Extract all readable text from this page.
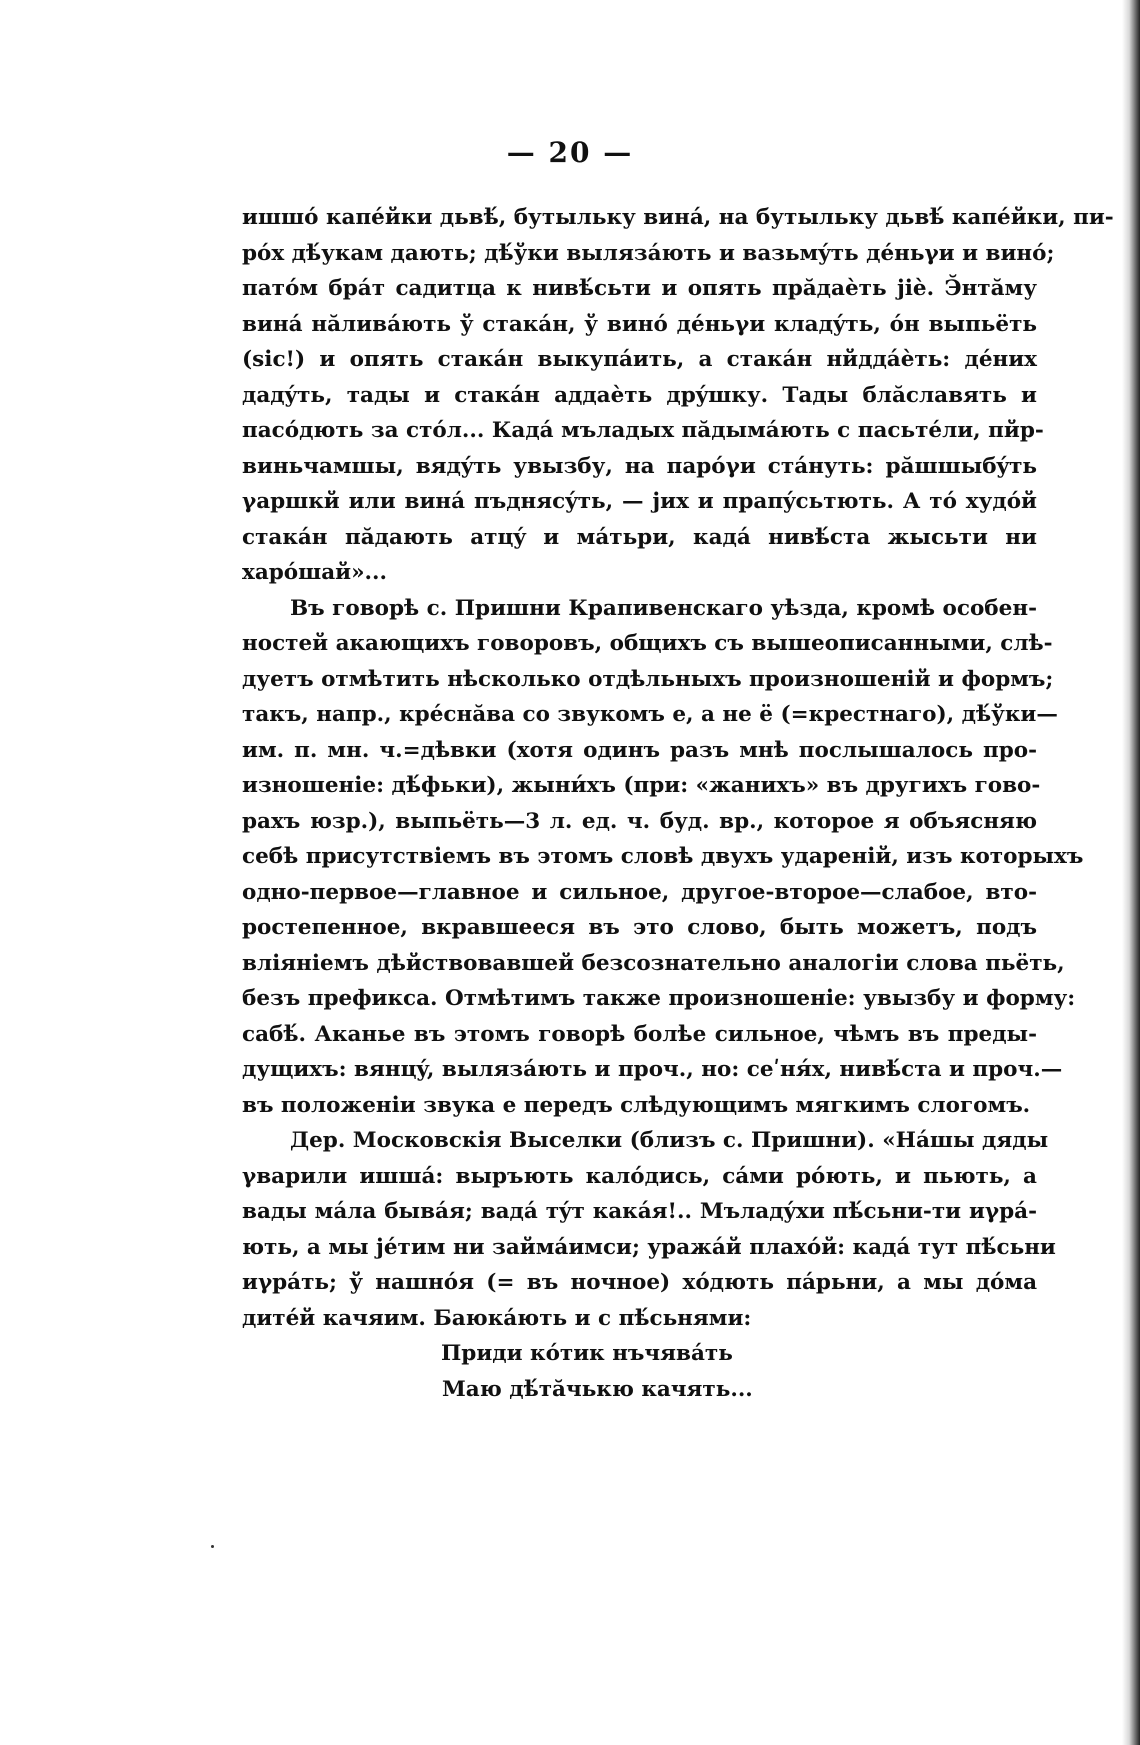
— 20 —
ишшó капéйки дьвѣ́, бутыльку винá, на бутыльку дьвѣ́ капéйки, пи-
рóх дѣ́укам дають; дѣ́ўки вылязáють и вазьмýть дéньγи и винó;
патóм брáт садитца к нивѣ́сьти и опять прӑдаѐть jiѐ. Э̆нтӑму
винá нӑливáють ў стакáн, ў винó дéньγи кладýть, óн выпьёть
(sic!) и опять стакáн выкупáить, а стакáн нйдда́ѐть: дéних
дадýть, тады и стакáн аддаѐть дрýшку. Тады блӑславять и
пасóдють за стóл... Кадá мъладых пӑдымáють с пасьтéли, пйр-
виньчамшы, вядýть увызбу, на парóγи стáнуть: рӑшшыбýть
γаршкй или винá пъднясýть, — jих и прапýсьтють. А тó худóй
стакáн пӑдають атцý и мáтьри, кадá нивѣ́ста жысьти ни
харóшай»...
Въ говорѣ с. Пришни Крапивенскаго уѣзда, кромѣ особен-
ностей акающихъ говоровъ, общихъ съ вышеописанными, слѣ-
дуетъ отмѣтить нѣсколько отдѣльныхъ произношеній и формъ;
такъ, напр., крéснӑва со звукомъ е, а не ё (=крестнаго), дѣ́ўки—
им. п. мн. ч.=дѣвки (хотя одинъ разъ мнѣ послышалось про-
изношеніе: дѣ́фьки), жыни́хъ (при: «жанихъ» въ другихъ гово-
рахъ юзр.), выпьёть—3 л. ед. ч. буд. вр., которое я объясняю
себѣ присутствіемъ въ этомъ словѣ двухъ удареній, изъ которыхъ
одно-первое—главное и сильное, другое-второе—слабое, вто-
ростепенное, вкравшееся въ это слово, быть можетъ, подъ
вліяніемъ дѣйствовавшей безсознательно аналогіи слова пьёть,
безъ префикса. Отмѣтимъ также произношеніе: увызбу и форму:
сабѣ́. Аканье въ этомъ говорѣ болѣе сильное, чѣмъ въ преды-
дущихъ: вянцý, вылязáють и проч., но: сеʹня́х, нивѣ́ста и проч.—
въ положеніи звука е передъ слѣдующимъ мягкимъ слогомъ.
Дер. Московскія Выселки (близъ с. Пришни). «На́шы дяды
γварили ишшá: выръють калóдись, сáми рóють, и пьють, а
вады мáла бывáя; вадá тýт кака́я!.. Мъладýхи пѣ́сьни-ти иγрá-
ють, а мы jéтим ни займáимси; уража́й плахóй: кадá тут пѣ́сьни
иγрáть; ў нашнóя (= въ ночное) хóдють пáрьни, а мы дóма
дитéй качяим. Баюкáють и с пѣ́сьнями:
Приди кóтик нъчявáть
Маю дѣ́тӑчькю качять...
